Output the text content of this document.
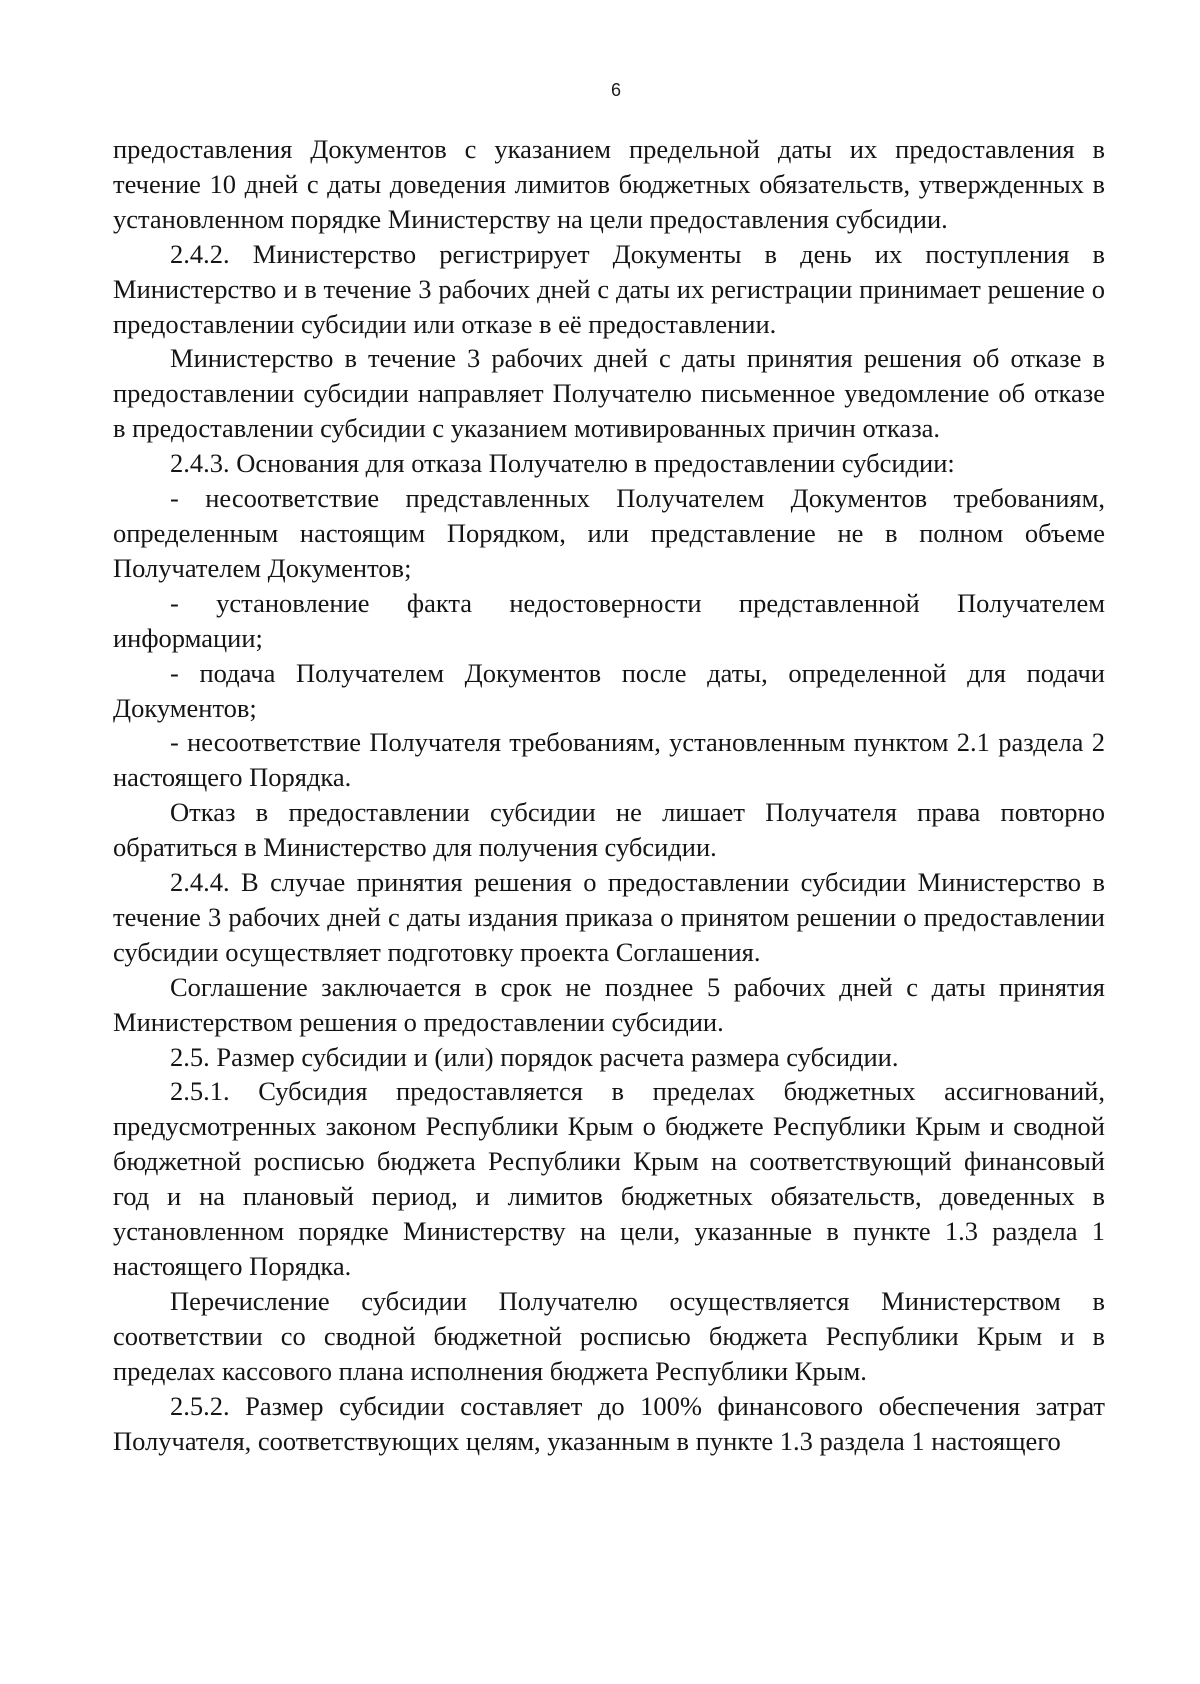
6

предоставления Документов с указанием предельной даты их предоставления в течение 10 дней с даты доведения лимитов бюджетных обязательств, утвержденных в установленном порядке Министерству на цели предоставления субсидии.

2.4.2. Министерство регистрирует Документы в день их поступления в Министерство и в течение 3 рабочих дней с даты их регистрации принимает решение о предоставлении субсидии или отказе в её предоставлении.

Министерство в течение 3 рабочих дней с даты принятия решения об отказе в предоставлении субсидии направляет Получателю письменное уведомление об отказе в предоставлении субсидии с указанием мотивированных причин отказа.

2.4.3. Основания для отказа Получателю в предоставлении субсидии:

- несоответствие представленных Получателем Документов требованиям, определенным настоящим Порядком, или представление не в полном объеме Получателем Документов;

- установление факта недостоверности представленной Получателем информации;

- подача Получателем Документов после даты, определенной для подачи Документов;

- несоответствие Получателя требованиям, установленным пунктом 2.1 раздела 2 настоящего Порядка.

Отказ в предоставлении субсидии не лишает Получателя права повторно обратиться в Министерство для получения субсидии.

2.4.4. В случае принятия решения о предоставлении субсидии Министерство в течение 3 рабочих дней с даты издания приказа о принятом решении о предоставлении субсидии осуществляет подготовку проекта Соглашения.

Соглашение заключается в срок не позднее 5 рабочих дней с даты принятия Министерством решения о предоставлении субсидии.

2.5. Размер субсидии и (или) порядок расчета размера субсидии.

2.5.1. Субсидия предоставляется в пределах бюджетных ассигнований, предусмотренных законом Республики Крым о бюджете Республики Крым и сводной бюджетной росписью бюджета Республики Крым на соответствующий финансовый год и на плановый период, и лимитов бюджетных обязательств, доведенных в установленном порядке Министерству на цели, указанные в пункте 1.3 раздела 1 настоящего Порядка.

Перечисление субсидии Получателю осуществляется Министерством в соответствии со сводной бюджетной росписью бюджета Республики Крым и в пределах кассового плана исполнения бюджета Республики Крым.

2.5.2. Размер субсидии составляет до 100% финансового обеспечения затрат Получателя, соответствующих целям, указанным в пункте 1.3 раздела 1 настоящего
